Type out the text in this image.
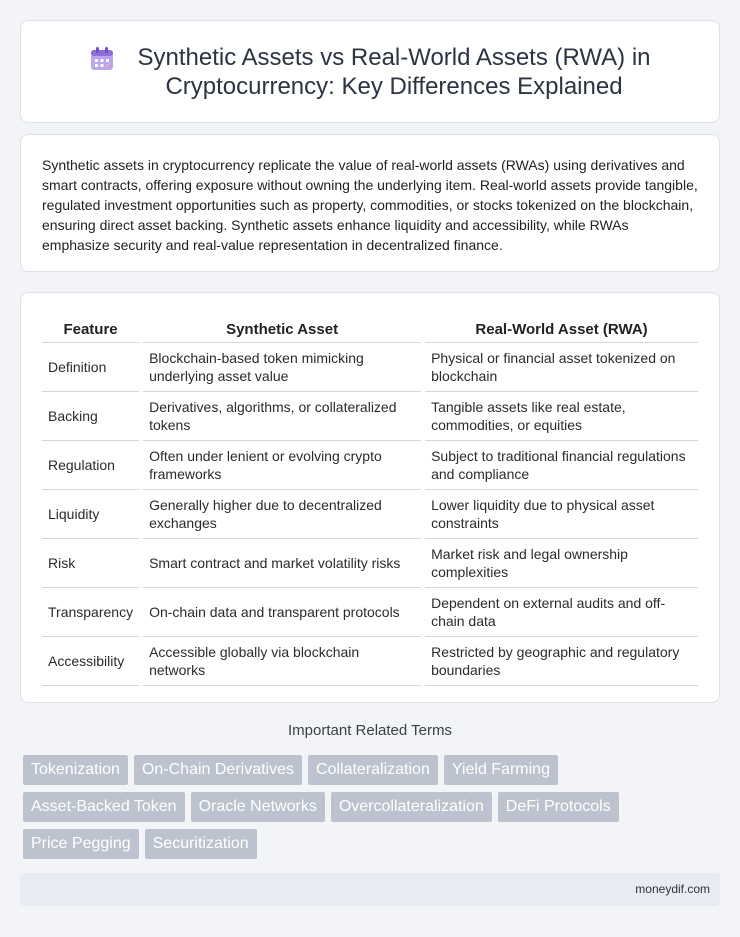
Synthetic Assets vs Real-World Assets (RWA) in
Cryptocurrency: Key Differences Explained

Synthetic assets in cryptocurrency replicate the value of real-world assets (RWAs) using derivatives and smart contracts, offering exposure without owning the underlying item. Real-world assets provide tangible, regulated investment opportunities such as property, commodities, or stocks tokenized on the blockchain, ensuring direct asset backing. Synthetic assets enhance liquidity and accessibility, while RWAs emphasize security and real-value representation in decentralized finance.

Feature	Synthetic Asset	Real-World Asset (RWA)
Definition	Blockchain-based token mimicking underlying asset value	Physical or financial asset tokenized on blockchain
Backing	Derivatives, algorithms, or collateralized tokens	Tangible assets like real estate, commodities, or equities
Regulation	Often under lenient or evolving crypto frameworks	Subject to traditional financial regulations and compliance
Liquidity	Generally higher due to decentralized exchanges	Lower liquidity due to physical asset constraints
Risk	Smart contract and market volatility risks	Market risk and legal ownership complexities
Transparency	On-chain data and transparent protocols	Dependent on external audits and off-chain data
Accessibility	Accessible globally via blockchain networks	Restricted by geographic and regulatory boundaries
Important Related Terms
Tokenization	On-Chain Derivatives	Collateralization	Yield Farming
Asset-Backed Token	Oracle Networks	Overcollateralization	DeFi Protocols
Price Pegging	Securitization
moneydif.com
